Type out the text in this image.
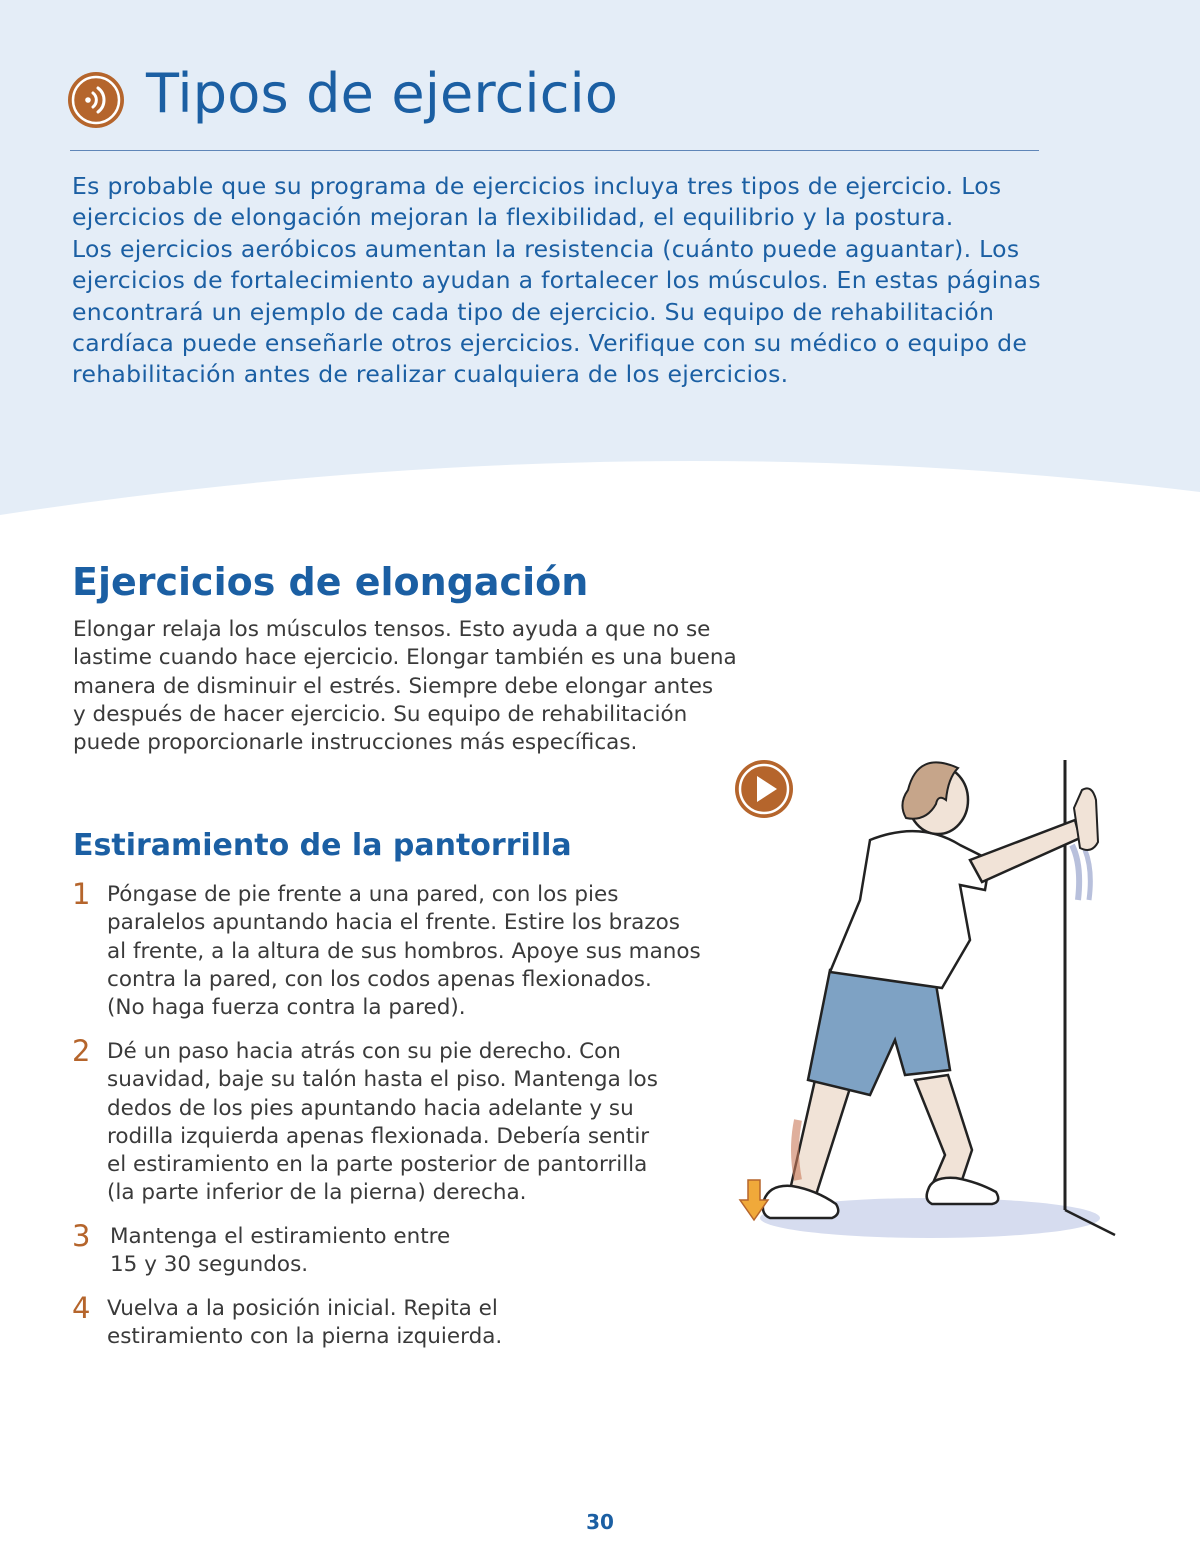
Tipos de ejercicio
Es probable que su programa de ejercicios incluya tres tipos de ejercicio. Los
ejercicios de elongación mejoran la flexibilidad, el equilibrio y la postura.
Los ejercicios aeróbicos aumentan la resistencia (cuánto puede aguantar). Los
ejercicios de fortalecimiento ayudan a fortalecer los músculos. En estas páginas
encontrará un ejemplo de cada tipo de ejercicio. Su equipo de rehabilitación
cardíaca puede enseñarle otros ejercicios. Verifique con su médico o equipo de
rehabilitación antes de realizar cualquiera de los ejercicios.
Ejercicios de elongación
Elongar relaja los músculos tensos. Esto ayuda a que no se
lastime cuando hace ejercicio. Elongar también es una buena
manera de disminuir el estrés. Siempre debe elongar antes
y después de hacer ejercicio. Su equipo de rehabilitación
puede proporcionarle instrucciones más específicas.
Estiramiento de la pantorrilla
1 Póngase de pie frente a una pared, con los pies
paralelos apuntando hacia el frente. Estire los brazos
al frente, a la altura de sus hombros. Apoye sus manos
contra la pared, con los codos apenas flexionados.
(No haga fuerza contra la pared).
2 Dé un paso hacia atrás con su pie derecho. Con
suavidad, baje su talón hasta el piso. Mantenga los
dedos de los pies apuntando hacia adelante y su
rodilla izquierda apenas flexionada. Debería sentir
el estiramiento en la parte posterior de pantorrilla
(la parte inferior de la pierna) derecha.
3 Mantenga el estiramiento entre
15 y 30 segundos.
4 Vuelva a la posición inicial. Repita el
estiramiento con la pierna izquierda.
30
